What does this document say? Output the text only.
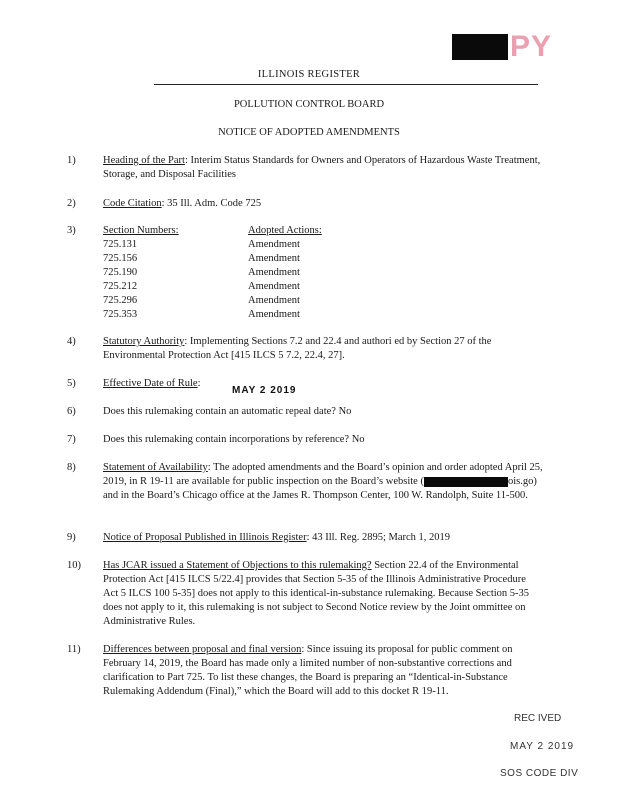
PY
ILLINOIS REGISTER
POLLUTION CONTROL BOARD
NOTICE OF ADOPTED AMENDMENTS
1)	Heading of the Part: Interim Status Standards for Owners and Operators of Hazardous Waste Treatment, Storage, and Disposal Facilities
2)	Code Citation: 35 Ill. Adm. Code 725
3)	Section Numbers:	Adopted Actions:
725.131	Amendment
725.156	Amendment
725.190	Amendment
725.212	Amendment
725.296	Amendment
725.353	Amendment
4)	Statutory Authority: Implementing Sections 7.2 and 22.4 and authori ed by Section 27 of the Environmental Protection Act [415 ILCS 5 7.2, 22.4, 27].
5)	Effective Date of Rule:
MAY 2 2019
6)	Does this rulemaking contain an automatic repeal date? No
7)	Does this rulemaking contain incorporations by reference? No
8)	Statement of Availability: The adopted amendments and the Board’s opinion and order adopted April 25, 2019, in R 19-11 are available for public inspection on the Board’s website (	ois.go) and in the Board’s Chicago office at the James R. Thompson Center, 100 W. Randolph, Suite 11-500.
9)	Notice of Proposal Published in Illinois Register: 43 Ill. Reg. 2895; March 1, 2019
10)	Has JCAR issued a Statement of Objections to this rulemaking? Section 22.4 of the Environmental Protection Act [415 ILCS 5/22.4] provides that Section 5-35 of the Illinois Administrative Procedure Act 5 ILCS 100 5-35] does not apply to this identical-in-substance rulemaking. Because Section 5-35 does not apply to it, this rulemaking is not subject to Second Notice review by the Joint ommittee on Administrative Rules.
11)	Differences between proposal and final version: Since issuing its proposal for public comment on February 14, 2019, the Board has made only a limited number of non-substantive corrections and clarification to Part 725. To list these changes, the Board is preparing an “Identical-in-Substance Rulemaking Addendum (Final),” which the Board will add to this docket R 19-11.
REC IVED
MAY 2 2019
SOS CODE DIV
